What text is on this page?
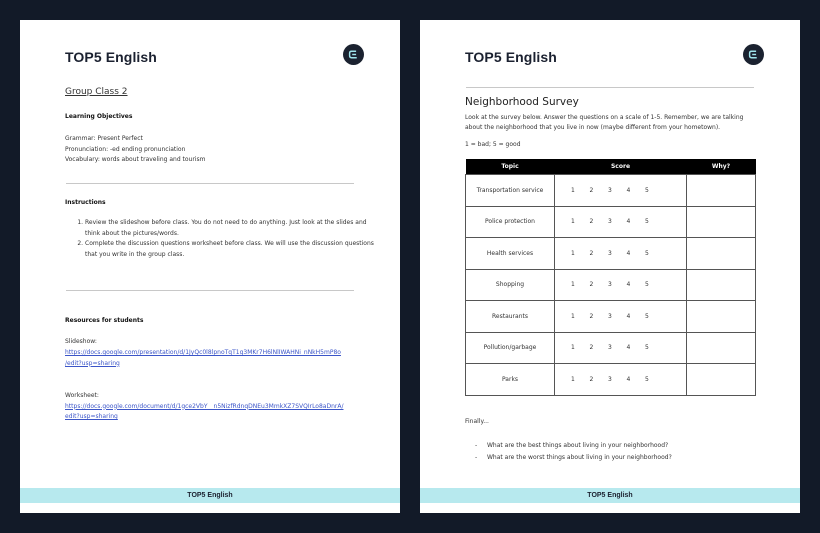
TOP5 English
Group Class 2
Learning Objectives
Grammar: Present Perfect
Pronunciation: -ed ending pronunciation
Vocabulary: words about traveling and tourism
Instructions
1. Review the slideshow before class. You do not need to do anything. Just look at the slides and think about the pictures/words.
2. Complete the discussion questions worksheet before class. We will use the discussion questions that you write in the group class.
Resources for students
Slideshow:
https://docs.google.com/presentation/d/1JyQc0l8lpnoTqT1g3MKr7H6lNlIWAHNi_nNkH5mP8o
/edit?usp=sharing
Worksheet:
https://docs.google.com/document/d/1gce2VbY__n5NizfRdnqDNEu3MmkXZ7SVQIrLo8aDnrA/
edit?usp=sharing
TOP5 English
TOP5 English
Neighborhood Survey
Look at the survey below. Answer the questions on a scale of 1-5. Remember, we are talking
about the neighborhood that you live in now (maybe different from your hometown).
1 = bad; 5 = good
Topic	Score	Why?
Transportation service	1 2 3 4 5	
Police protection	1 2 3 4 5	
Health services	1 2 3 4 5	
Shopping	1 2 3 4 5	
Restaurants	1 2 3 4 5	
Pollution/garbage	1 2 3 4 5	
Parks	1 2 3 4 5	
Finally...
- What are the best things about living in your neighborhood?
- What are the worst things about living in your neighborhood?
TOP5 English
